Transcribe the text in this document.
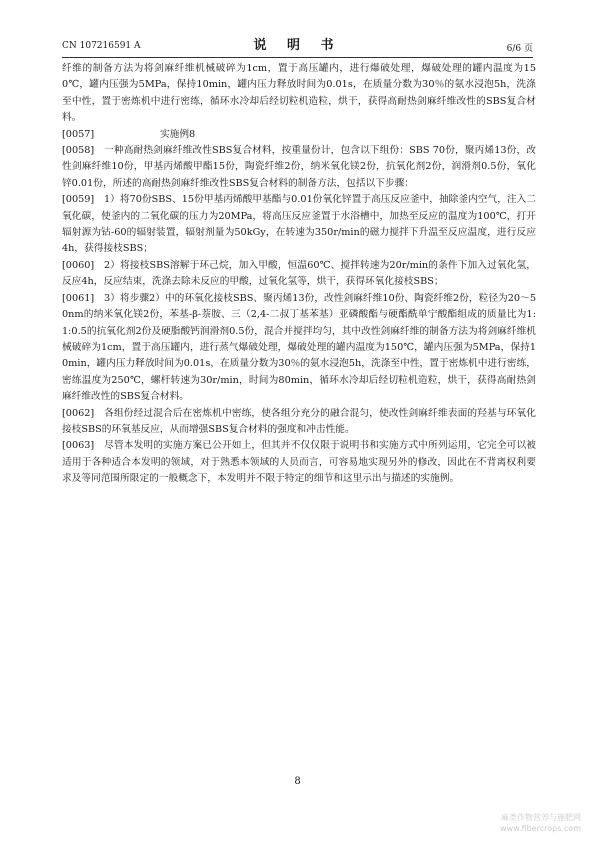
CN 107216591 A	说 明 书	6/6 页

纤维的制备方法为将剑麻纤维机械破碎为1cm，置于高压罐内，进行爆破处理，爆破处理的罐内温度为150℃，罐内压强为5MPa，保持10min，罐内压力释放时间为0.01s，在质量分数为30％的氨水浸泡5h，洗涤至中性，置于密炼机中进行密练，循环水冷却后经切粒机造粒，烘干，获得高耐热剑麻纤维改性的SBS复合材料。

[0057]	实施例8

[0058] 一种高耐热剑麻纤维改性SBS复合材料，按重量份计，包含以下组份：SBS 70份，聚丙烯13份，改性剑麻纤维10份，甲基丙烯酸甲酯15份，陶瓷纤维2份，纳米氧化镁2份，抗氧化剂2份，润滑剂0.5份，氧化锌0.01份，所述的高耐热剑麻纤维改性SBS复合材料的制备方法，包括以下步骤：

[0059] 1）将70份SBS、15份甲基丙烯酸甲基酯与0.01份氧化锌置于高压反应釜中，抽除釜内空气，注入二氧化碳，使釜内的二氧化碳的压力为20MPa，将高压反应釜置于水浴槽中，加热至反应的温度为100℃，打开辐射源为钴-60的辐射装置，辐射剂量为50kGy，在转速为350r/min的磁力搅拌下升温至反应温度，进行反应4h，获得接枝SBS；

[0060] 2）将接枝SBS溶解于环己烷，加入甲酸，恒温60℃、搅拌转速为20r/min的条件下加入过氧化氢，反应4h，反应结束，洗涤去除未反应的甲酸，过氧化氢等，烘干，获得环氧化接枝SBS；

[0061] 3）将步骤2）中的环氧化接枝SBS、聚丙烯13份，改性剑麻纤维10份、陶瓷纤维2份，粒径为20～50nm的纳米氧化镁2份，苯基-β-萘胺、三（2,4-二叔丁基苯基）亚磷酸酯与硬酯酰单宁酸酯组成的质量比为1:1:0.5的抗氧化剂2份及硬脂酸钙润滑剂0.5份，混合并搅拌均匀，其中改性剑麻纤维的制备方法为将剑麻纤维机械破碎为1cm，置于高压罐内，进行蒸气爆破处理，爆破处理的罐内温度为150℃，罐内压强为5MPa，保持10min，罐内压力释放时间为0.01s，在质量分数为30％的氨水浸泡5h，洗涤至中性，置于密炼机中进行密练，密练温度为250℃，螺杆转速为30r/min，时间为80min，循环水冷却后经切粒机造粒，烘干，获得高耐热剑麻纤维改性的SBS复合材料。

[0062] 各组份经过混合后在密炼机中密练，使各组分充分的融合混匀，使改性剑麻纤维表面的羟基与环氧化接枝SBS的环氧基反应，从而增强SBS复合材料的强度和冲击性能。

[0063] 尽管本发明的实施方案已公开如上，但其并不仅仅限于说明书和实施方式中所列运用，它完全可以被适用于各种适合本发明的领域，对于熟悉本领域的人员而言，可容易地实现另外的修改，因此在不背离权利要求及等同范围所限定的一般概念下，本发明并不限于特定的细节和这里示出与描述的实施例。

8
麻类作物营养与施肥网
www.fibercrops.com
